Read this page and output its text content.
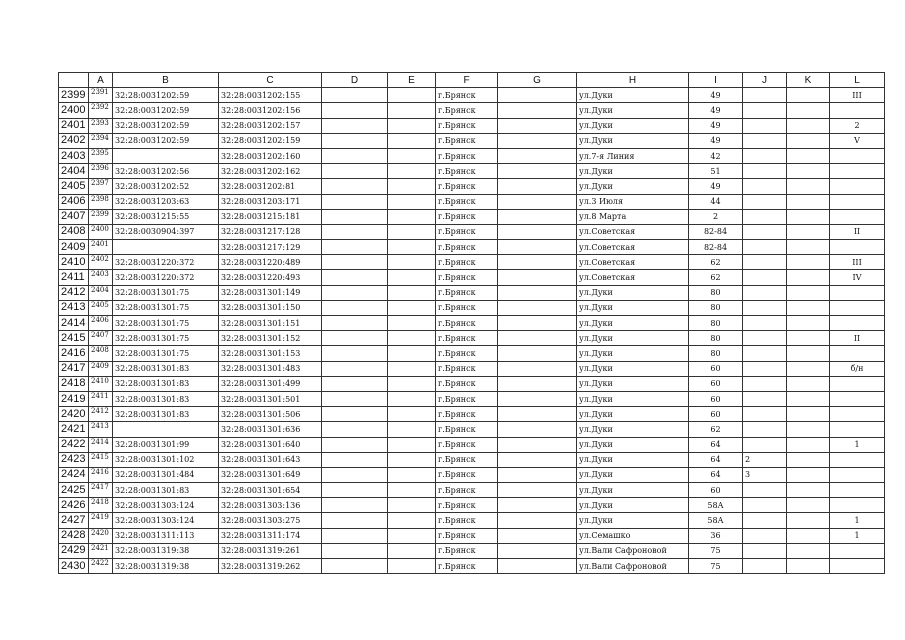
	A	B	C	D	E	F	G	H	I	J	K	L
2399	2391	32:28:0031202:59	32:28:0031202:155			г.Брянск		ул.Дуки	49			III
2400	2392	32:28:0031202:59	32:28:0031202:156			г.Брянск		ул.Дуки	49			
2401	2393	32:28:0031202:59	32:28:0031202:157			г.Брянск		ул.Дуки	49			2
2402	2394	32:28:0031202:59	32:28:0031202:159			г.Брянск		ул.Дуки	49			V
2403	2395		32:28:0031202:160			г.Брянск		ул.7-я Линия	42			
2404	2396	32:28:0031202:56	32:28:0031202:162			г.Брянск		ул.Дуки	51			
2405	2397	32:28:0031202:52	32:28:0031202:81			г.Брянск		ул.Дуки	49			
2406	2398	32:28:0031203:63	32:28:0031203:171			г.Брянск		ул.3 Июля	44			
2407	2399	32:28:0031215:55	32:28:0031215:181			г.Брянск		ул.8 Марта	2			
2408	2400	32:28:0030904:397	32:28:0031217:128			г.Брянск		ул.Советская	82-84			II
2409	2401		32:28:0031217:129			г.Брянск		ул.Советская	82-84			
2410	2402	32:28:0031220:372	32:28:0031220:489			г.Брянск		ул.Советская	62			III
2411	2403	32:28:0031220:372	32:28:0031220:493			г.Брянск		ул.Советская	62			IV
2412	2404	32:28:0031301:75	32:28:0031301:149			г.Брянск		ул.Дуки	80			
2413	2405	32:28:0031301:75	32:28:0031301:150			г.Брянск		ул.Дуки	80			
2414	2406	32:28:0031301:75	32:28:0031301:151			г.Брянск		ул.Дуки	80			
2415	2407	32:28:0031301:75	32:28:0031301:152			г.Брянск		ул.Дуки	80			II
2416	2408	32:28:0031301:75	32:28:0031301:153			г.Брянск		ул.Дуки	80			
2417	2409	32:28:0031301:83	32:28:0031301:483			г.Брянск		ул.Дуки	60			б/н
2418	2410	32:28:0031301:83	32:28:0031301:499			г.Брянск		ул.Дуки	60			
2419	2411	32:28:0031301:83	32:28:0031301:501			г.Брянск		ул.Дуки	60			
2420	2412	32:28:0031301:83	32:28:0031301:506			г.Брянск		ул.Дуки	60			
2421	2413		32:28:0031301:636			г.Брянск		ул.Дуки	62			
2422	2414	32:28:0031301:99	32:28:0031301:640			г.Брянск		ул.Дуки	64			1
2423	2415	32:28:0031301:102	32:28:0031301:643			г.Брянск		ул.Дуки	64	2		
2424	2416	32:28:0031301:484	32:28:0031301:649			г.Брянск		ул.Дуки	64	3		
2425	2417	32:28:0031301:83	32:28:0031301:654			г.Брянск		ул.Дуки	60			
2426	2418	32:28:0031303:124	32:28:0031303:136			г.Брянск		ул.Дуки	58А			
2427	2419	32:28:0031303:124	32:28:0031303:275			г.Брянск		ул.Дуки	58А			1
2428	2420	32:28:0031311:113	32:28:0031311:174			г.Брянск		ул.Семашко	36			1
2429	2421	32:28:0031319:38	32:28:0031319:261			г.Брянск		ул.Вали Сафроновой	75			
2430	2422	32:28:0031319:38	32:28:0031319:262			г.Брянск		ул.Вали Сафроновой	75			
